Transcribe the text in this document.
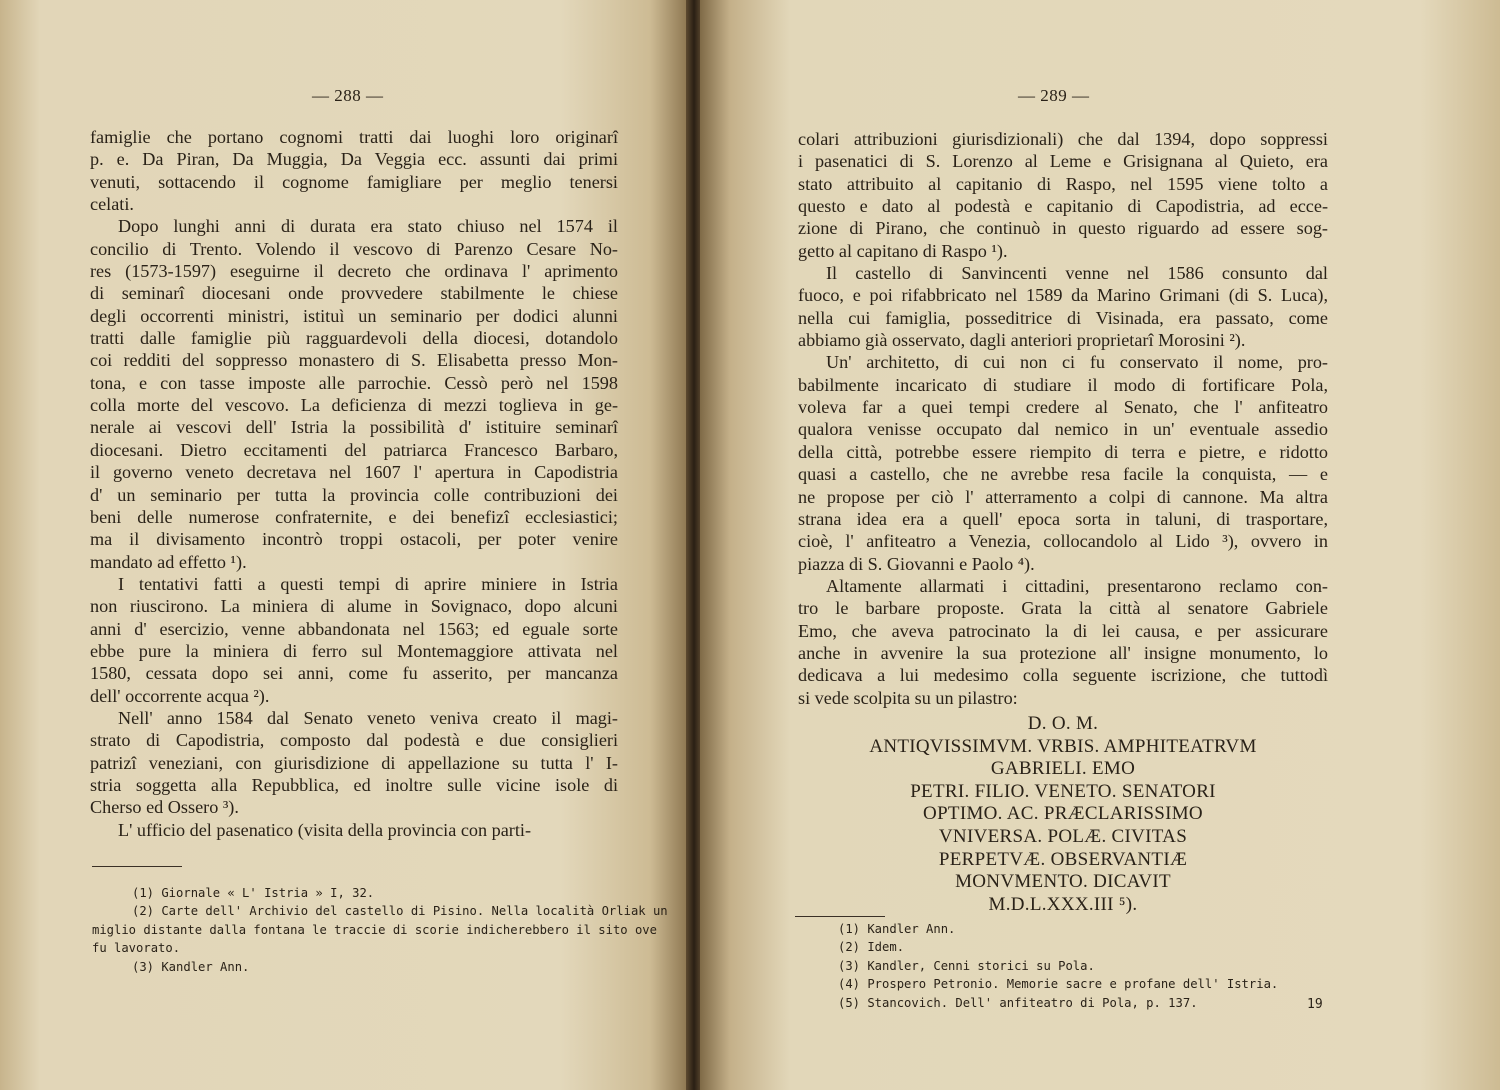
— 288 —
famiglie che portano cognomi tratti dai luoghi loro originarî
p. e. Da Piran, Da Muggia, Da Veggia ecc. assunti dai primi
venuti, sottacendo il cognome famigliare per meglio tenersi
celati.
Dopo lunghi anni di durata era stato chiuso nel 1574 il
concilio di Trento. Volendo il vescovo di Parenzo Cesare No-
res (1573-1597) eseguirne il decreto che ordinava l' aprimento
di seminarî diocesani onde provvedere stabilmente le chiese
degli occorrenti ministri, istituì un seminario per dodici alunni
tratti dalle famiglie più ragguardevoli della diocesi, dotandolo
coi redditi del soppresso monastero di S. Elisabetta presso Mon-
tona, e con tasse imposte alle parrochie. Cessò però nel 1598
colla morte del vescovo. La deficienza di mezzi toglieva in ge-
nerale ai vescovi dell' Istria la possibilità d' istituire seminarî
diocesani. Dietro eccitamenti del patriarca Francesco Barbaro,
il governo veneto decretava nel 1607 l' apertura in Capodistria
d' un seminario per tutta la provincia colle contribuzioni dei
beni delle numerose confraternite, e dei benefizî ecclesiastici;
ma il divisamento incontrò troppi ostacoli, per poter venire
mandato ad effetto ¹).
I tentativi fatti a questi tempi di aprire miniere in Istria
non riuscirono. La miniera di alume in Sovignaco, dopo alcuni
anni d' esercizio, venne abbandonata nel 1563; ed eguale sorte
ebbe pure la miniera di ferro sul Montemaggiore attivata nel
1580, cessata dopo sei anni, come fu asserito, per mancanza
dell' occorrente acqua ²).
Nell' anno 1584 dal Senato veneto veniva creato il magi-
strato di Capodistria, composto dal podestà e due consiglieri
patrizî veneziani, con giurisdizione di appellazione su tutta l' I-
stria soggetta alla Repubblica, ed inoltre sulle vicine isole di
Cherso ed Ossero ³).
L' ufficio del pasenatico (visita della provincia con parti-
(1) Giornale « L' Istria » I, 32.
(2) Carte dell' Archivio del castello di Pisino. Nella località Orliak un
miglio distante dalla fontana le traccie di scorie indicherebbero il sito ove
fu lavorato.
(3) Kandler Ann.
— 289 —
colari attribuzioni giurisdizionali) che dal 1394, dopo soppressi
i pasenatici di S. Lorenzo al Leme e Grisignana al Quieto, era
stato attribuito al capitanio di Raspo, nel 1595 viene tolto a
questo e dato al podestà e capitanio di Capodistria, ad ecce-
zione di Pirano, che continuò in questo riguardo ad essere sog-
getto al capitano di Raspo ¹).
Il castello di Sanvincenti venne nel 1586 consunto dal
fuoco, e poi rifabbricato nel 1589 da Marino Grimani (di S. Luca),
nella cui famiglia, posseditrice di Visinada, era passato, come
abbiamo già osservato, dagli anteriori proprietarî Morosini ²).
Un' architetto, di cui non ci fu conservato il nome, pro-
babilmente incaricato di studiare il modo di fortificare Pola,
voleva far a quei tempi credere al Senato, che l' anfiteatro
qualora venisse occupato dal nemico in un' eventuale assedio
della città, potrebbe essere riempito di terra e pietre, e ridotto
quasi a castello, che ne avrebbe resa facile la conquista, — e
ne propose per ciò l' atterramento a colpi di cannone. Ma altra
strana idea era a quell' epoca sorta in taluni, di trasportare,
cioè, l' anfiteatro a Venezia, collocandolo al Lido ³), ovvero in
piazza di S. Giovanni e Paolo ⁴).
Altamente allarmati i cittadini, presentarono reclamo con-
tro le barbare proposte. Grata la città al senatore Gabriele
Emo, che aveva patrocinato la di lei causa, e per assicurare
anche in avvenire la sua protezione all' insigne monumento, lo
dedicava a lui medesimo colla seguente iscrizione, che tuttodì
si vede scolpita su un pilastro:
D. O. M.
ANTIQVISSIMVM. VRBIS. AMPHITEATRVM
GABRIELI. EMO
PETRI. FILIO. VENETO. SENATORI
OPTIMO. AC. PRÆCLARISSIMO
VNIVERSA. POLÆ. CIVITAS
PERPETVÆ. OBSERVANTIÆ
MONVMENTO. DICAVIT
M.D.L.XXX.III ⁵).
(1) Kandler Ann.
(2) Idem.
(3) Kandler, Cenni storici su Pola.
(4) Prospero Petronio. Memorie sacre e profane dell' Istria.
(5) Stancovich. Dell' anfiteatro di Pola, p. 137.	19
